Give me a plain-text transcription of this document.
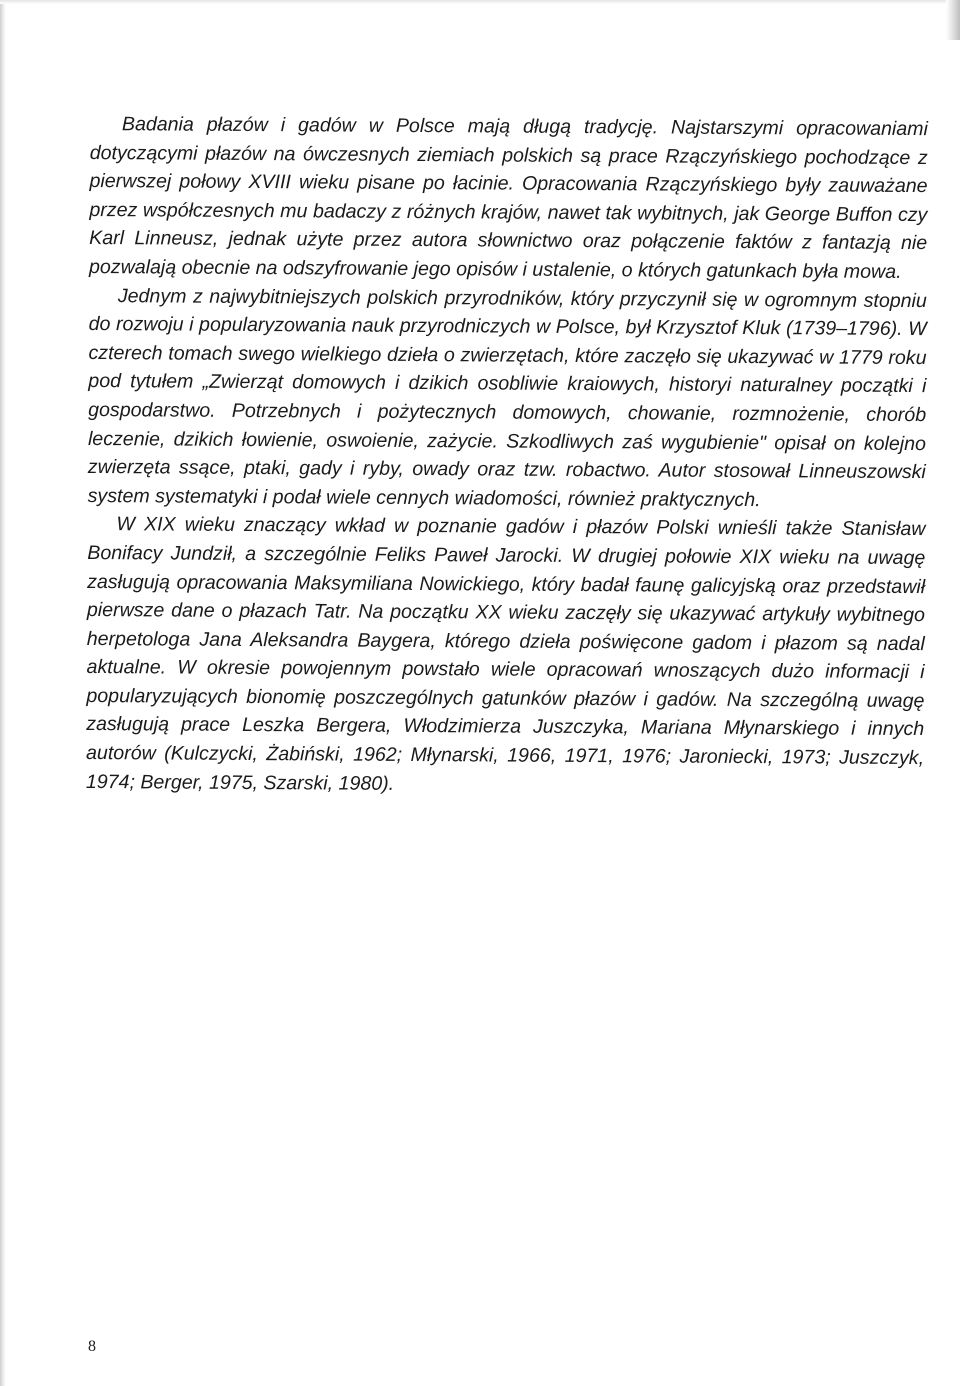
Badania płazów i gadów w Polsce mają długą tradycję. Najstarszymi opracowaniami dotyczącymi płazów na ówczesnych ziemiach polskich są prace Rzączyńskiego pochodzące z pierwszej połowy XVIII wieku pisane po łacinie. Opracowania Rzączyńskiego były zauważane przez współczesnych mu badaczy z różnych krajów, nawet tak wybitnych, jak George Buffon czy Karl Linneusz, jednak użyte przez autora słownictwo oraz połączenie faktów z fantazją nie pozwalają obecnie na odszyfrowanie jego opisów i ustalenie, o których gatunkach była mowa.

Jednym z najwybitniejszych polskich przyrodników, który przyczynił się w ogromnym stopniu do rozwoju i popularyzowania nauk przyrodniczych w Polsce, był Krzysztof Kluk (1739–1796). W czterech tomach swego wielkiego dzieła o zwierzętach, które zaczęło się ukazywać w 1779 roku pod tytułem „Zwierząt domowych i dzikich osobliwie kraiowych, historyi naturalney początki i gospodarstwo. Potrzebnych i pożytecznych domowych, chowanie, rozmnożenie, chorób leczenie, dzikich łowienie, oswoienie, zażycie. Szkodliwych zaś wygubienie" opisał on kolejno zwierzęta ssące, ptaki, gady i ryby, owady oraz tzw. robactwo. Autor stosował Linneuszowski system systematyki i podał wiele cennych wiadomości, również praktycznych.

W XIX wieku znaczący wkład w poznanie gadów i płazów Polski wnieśli także Stanisław Bonifacy Jundził, a szczególnie Feliks Paweł Jarocki. W drugiej połowie XIX wieku na uwagę zasługują opracowania Maksymiliana Nowickiego, który badał faunę galicyjską oraz przedstawił pierwsze dane o płazach Tatr. Na początku XX wieku zaczęły się ukazywać artykuły wybitnego herpetologa Jana Aleksandra Baygera, którego dzieła poświęcone gadom i płazom są nadal aktualne. W okresie powojennym powstało wiele opracowań wnoszących dużo informacji i popularyzujących bionomię poszczególnych gatunków płazów i gadów. Na szczególną uwagę zasługują prace Leszka Bergera, Włodzimierza Juszczyka, Mariana Młynarskiego i innych autorów (Kulczycki, Żabiński, 1962; Młynarski, 1966, 1971, 1976; Jaroniecki, 1973; Juszczyk, 1974; Berger, 1975, Szarski, 1980).

8
